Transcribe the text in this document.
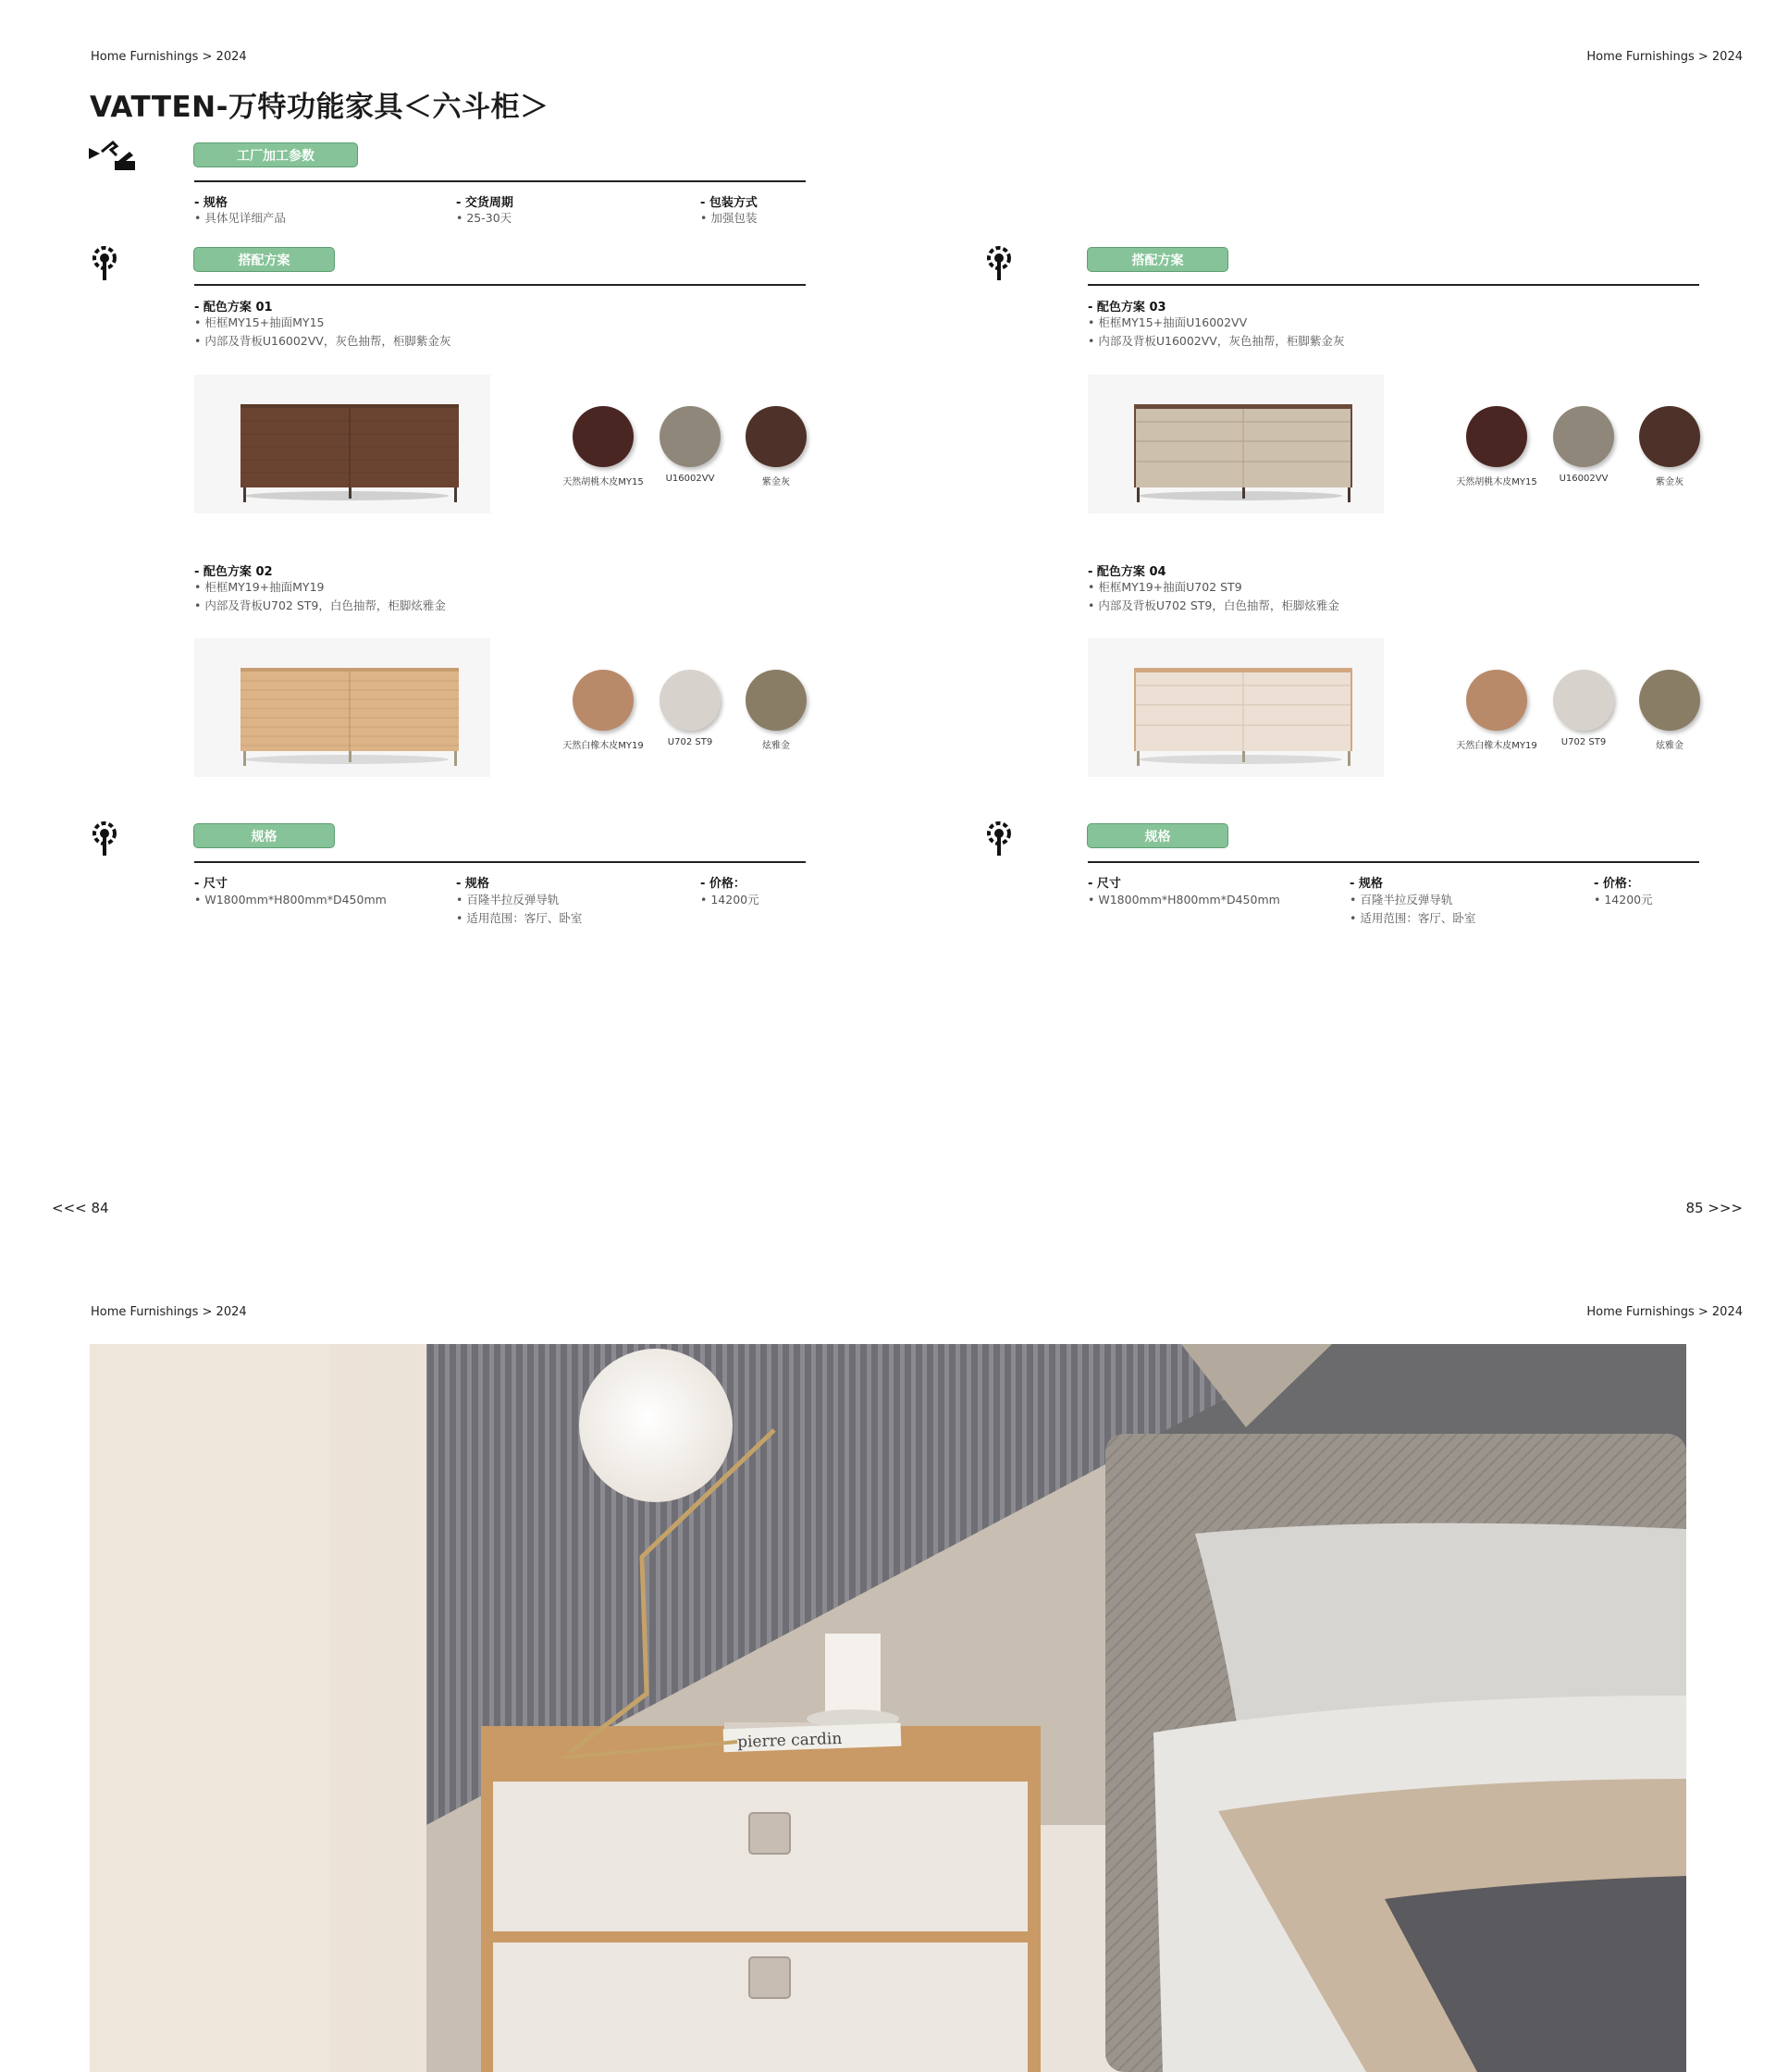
Home Furnishings > 2024	Home Furnishings > 2024
VATTEN-万特功能家具＜六斗柜＞
工厂加工参数
- 规格
• 具体见详细产品
- 交货周期
• 25-30天
- 包装方式
• 加强包装
搭配方案	搭配方案
- 配色方案 01
• 柜框MY15+抽面MY15
• 内部及背板U16002VV，灰色抽帮，柜脚紫金灰
天然胡桃木皮MY15	U16002VV	紫金灰
- 配色方案 02
• 柜框MY19+抽面MY19
• 内部及背板U702 ST9，白色抽帮，柜脚炫雅金
天然白橡木皮MY19	U702 ST9	炫雅金
- 配色方案 03
• 柜框MY15+抽面U16002VV
• 内部及背板U16002VV，灰色抽帮，柜脚紫金灰
天然胡桃木皮MY15	U16002VV	紫金灰
- 配色方案 04
• 柜框MY19+抽面U702 ST9
• 内部及背板U702 ST9，白色抽帮，柜脚炫雅金
天然白橡木皮MY19	U702 ST9	炫雅金
规格	规格
- 尺寸
• W1800mm*H800mm*D450mm
- 规格
• 百隆半拉反弹导轨
• 适用范围：客厅、卧室
- 价格：
• 14200元
- 尺寸
• W1800mm*H800mm*D450mm
- 规格
• 百隆半拉反弹导轨
• 适用范围：客厅、卧室
- 价格：
• 14200元
<<< 84	85 >>>
Home Furnishings > 2024	Home Furnishings > 2024
pierre cardin
